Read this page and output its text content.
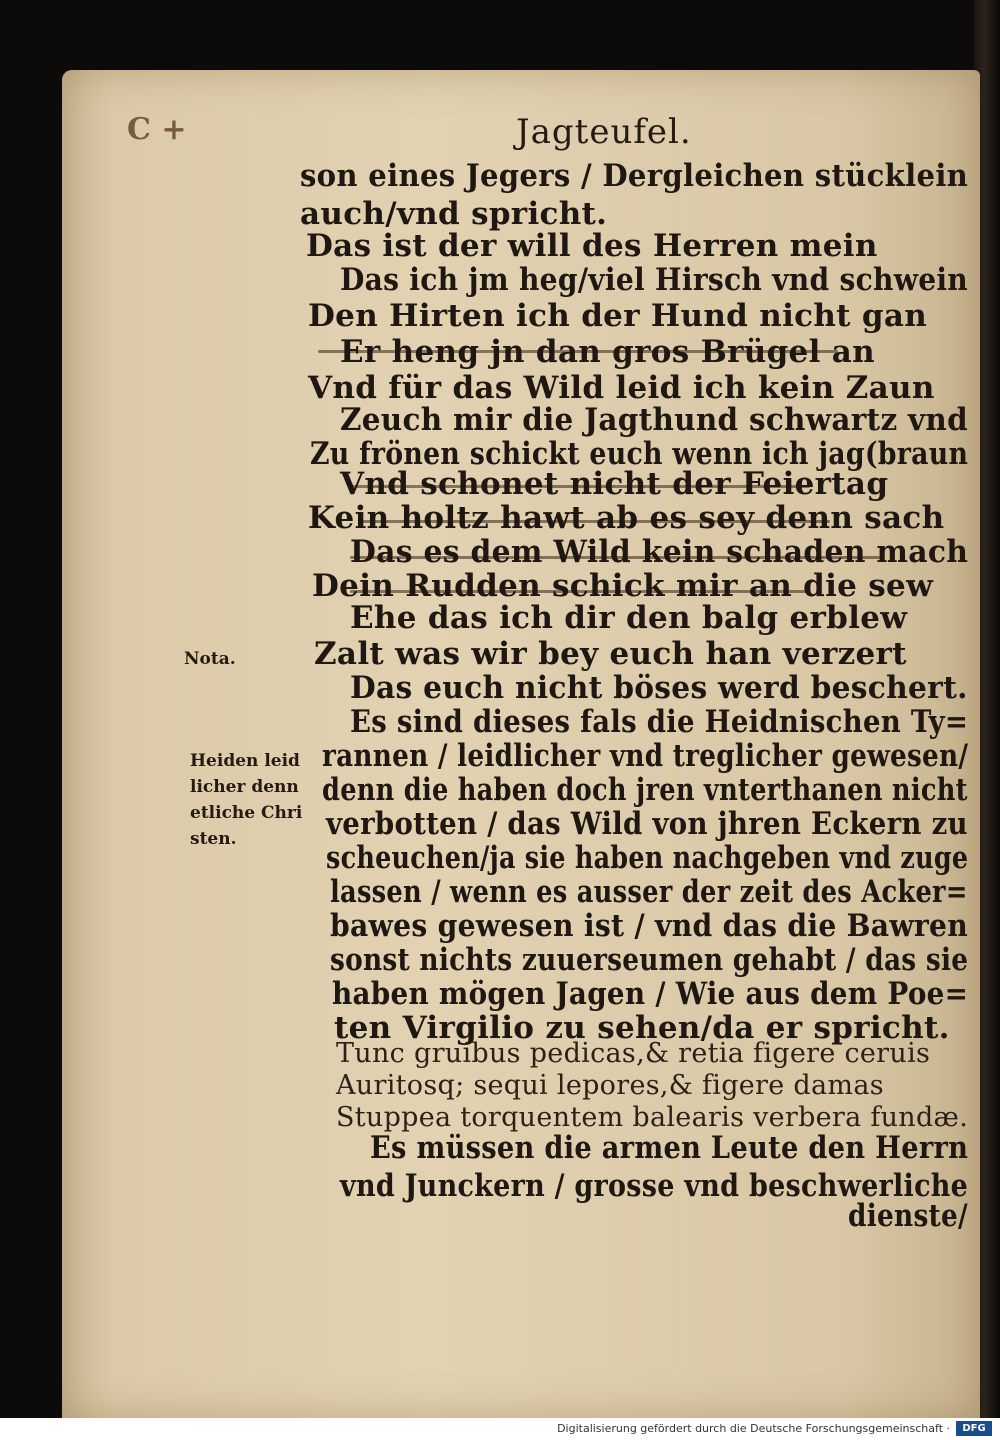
C +	Jagteufel.
son eines Jegers / Dergleichen stücklein
auch/vnd spricht.
Das ist der will des Herren mein
Das ich jm heg/viel Hirsch vnd schwein
Den Hirten ich der Hund nicht gan
Er heng jn dan gros Brügel an
Vnd für das Wild leid ich kein Zaun
Zeuch mir die Jagthund schwartz vnd
Zu frönen schickt euch wenn ich jag(braun
Vnd schonet nicht der Feiertag
Kein holtz hawt ab es sey denn sach
Das es dem Wild kein schaden mach
Dein Rudden schick mir an die sew
Ehe das ich dir den balg erblew
Zalt was wir bey euch han verzert
Das euch nicht böses werd beschert.
Es sind dieses fals die Heidnischen Ty=
rannen / leidlicher vnd treglicher gewesen/
denn die haben doch jren vnterthanen nicht
verbotten / das Wild von jhren Eckern zu
scheuchen/ja sie haben nachgeben vnd zuge
lassen / wenn es ausser der zeit des Acker=
bawes gewesen ist / vnd das die Bawren
sonst nichts zuuerseumen gehabt / das sie
haben mögen Jagen / Wie aus dem Poe=
ten Virgilio zu sehen/da er spricht.
Tunc gruibus pedicas,& retia figere ceruis
Auritosq; sequi lepores,& figere damas
Stuppea torquentem balearis verbera fundæ.
Es müssen die armen Leute den Herrn
vnd Junckern / grosse vnd beschwerliche
dienste/
Nota.
Heiden leid
licher denn
etliche Chri
sten.
Digitalisierung gefördert durch die Deutsche Forschungsgemeinschaft ·	DFG
